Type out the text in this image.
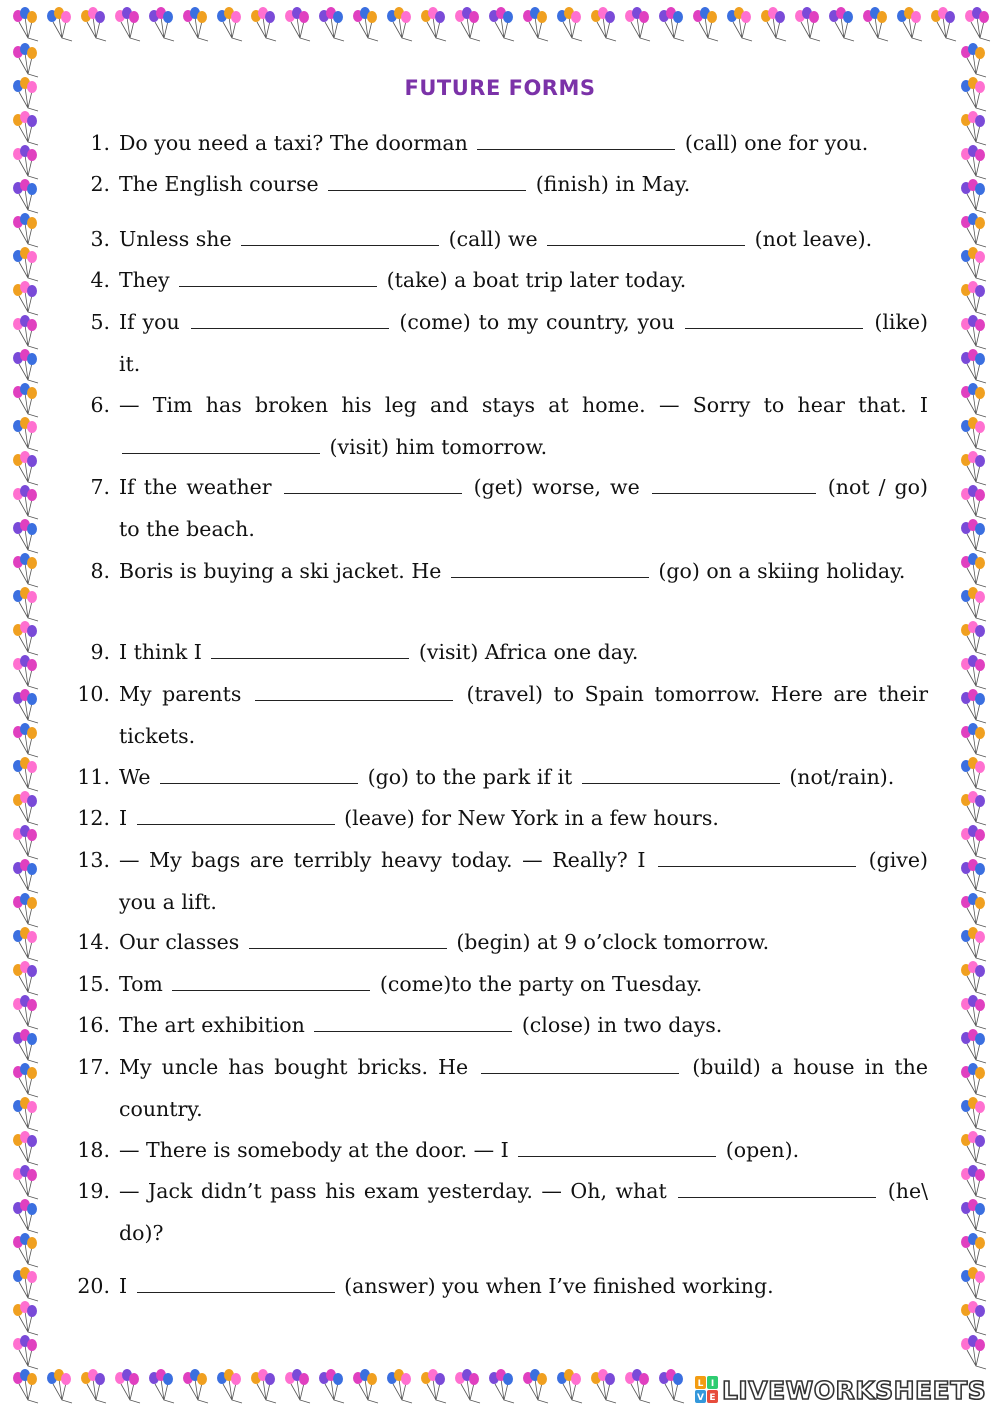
FUTURE FORMS
1. Do you need a taxi? The doorman	(call) one for you.
2. The English course	(finish) in May.
3. Unless she	(call) we	(not leave).
4. They	(take) a boat trip later today.
5. If you	(come) to my country, you	(like) it.
6. — Tim has broken his leg and stays at home. — Sorry to hear that. I  (visit) him tomorrow.
7. If the weather	(get) worse, we	(not / go) to the beach.
8. Boris is buying a ski jacket. He	(go) on a skiing holiday.
9. I think I	(visit) Africa one day.
10. My parents	(travel) to Spain tomorrow. Here are their tickets.
11. We	(go) to the park if it	(not/rain).
12. I	(leave) for New York in a few hours.
13. — My bags are terribly heavy today. — Really? I	(give) you a lift.
14. Our classes	(begin) at 9 o’clock tomorrow.
15. Tom	(come)to the party on Tuesday.
16. The art exhibition	(close) in two days.
17. My uncle has bought bricks. He	(build) a house in the country.
18. — There is somebody at the door. — I	(open).
19. — Jack didn’t pass his exam yesterday. — Oh, what	(he\ do)?
20. I	(answer) you when I’ve finished working.
L I
V E LIVEWORKSHEETS
